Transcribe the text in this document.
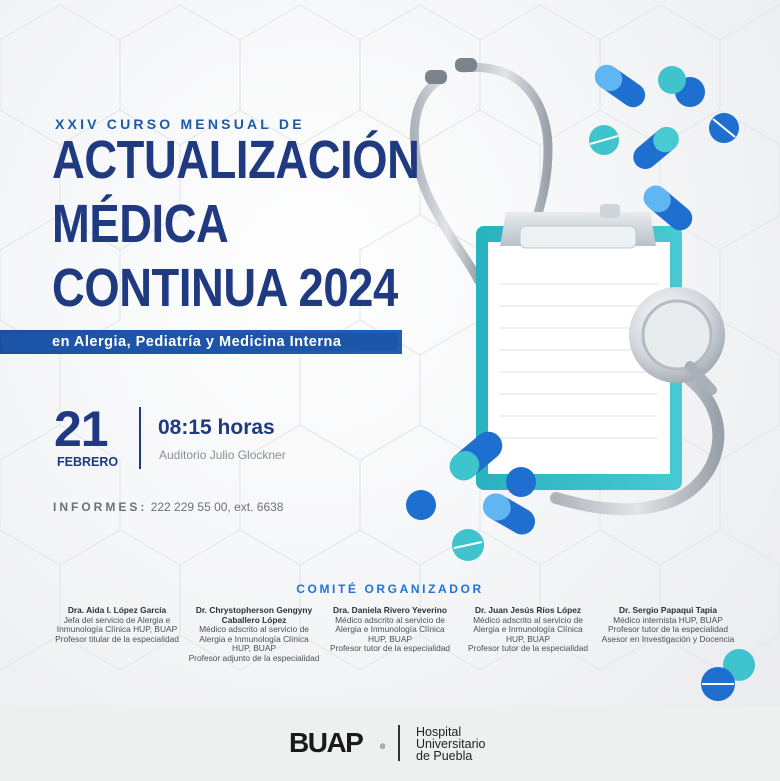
XXIV CURSO MENSUAL DE
ACTUALIZACIÓN
MÉDICA
CONTINUA 2024
en Alergia, Pediatría y Medicina Interna
21
FEBRERO
08:15 horas
Auditorio Julio Glockner
INFORMES: 222 229 55 00, ext. 6638
COMITÉ ORGANIZADOR
Dra. Aida I. López García
Jefa del servicio de Alergia e
Inmunología Clínica HUP, BUAP
Profesor titular de la especialidad
Dr. Chrystopherson Gengyny
Caballero López
Médico adscrito al servicio de
Alergia e Inmunología Clínica
HUP, BUAP
Profesor adjunto de la especialidad
Dra. Daniela Rivero Yeverino
Médico adscrito al servicio de
Alergia e Inmunología Clínica
HUP, BUAP
Profesor tutor de la especialidad
Dr. Juan Jesús Ríos López
Médico adscrito al servicio de
Alergia e Inmunología Clínica
HUP, BUAP
Profesor tutor de la especialidad
Dr. Sergio Papaqui Tapia
Médico internista HUP, BUAP
Profesor tutor de la especialidad
Asesor en Investigación y Docencia
BUAP	®
Hospital
Universitario
de Puebla
